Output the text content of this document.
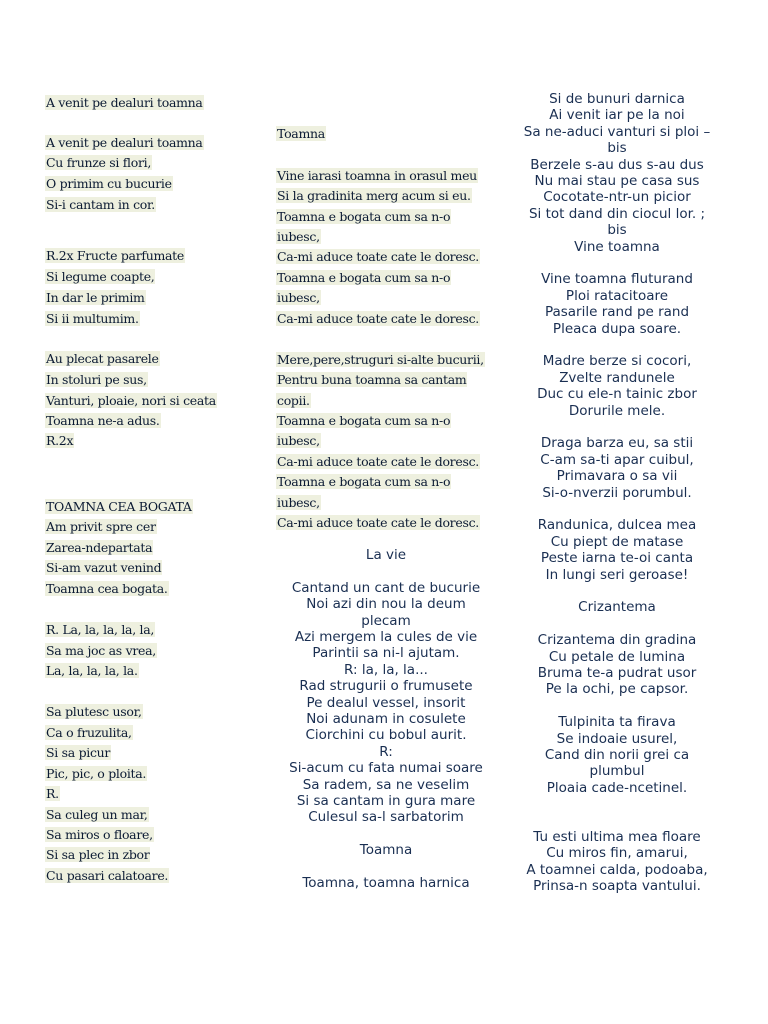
A venit pe dealuri toamna
A venit pe dealuri toamna
Cu frunze si flori,
O primim cu bucurie
Si-i cantam in cor.
R.2x Fructe parfumate
Si legume coapte,
In dar le primim
Si ii multumim.
Au plecat pasarele
In stoluri pe sus,
Vanturi, ploaie, nori si ceata
Toamna ne-a adus.
R.2x
TOAMNA CEA BOGATA
Am privit spre cer
Zarea-ndepartata
Si-am vazut venind
Toamna cea bogata.
R. La, la, la, la, la,
Sa ma joc as vrea,
La, la, la, la, la.
Sa plutesc usor,
Ca o fruzulita,
Si sa picur
Pic, pic, o ploita.
R.
Sa culeg un mar,
Sa miros o floare,
Si sa plec in zbor
Cu pasari calatoare.
Toamna
Vine iarasi toamna in orasul meu
Si la gradinita merg acum si eu.
Toamna e bogata cum sa n-o
iubesc,
Ca-mi aduce toate cate le doresc.
Toamna e bogata cum sa n-o
iubesc,
Ca-mi aduce toate cate le doresc.
Mere,pere,struguri si-alte bucurii,
Pentru buna toamna sa cantam
copii.
Toamna e bogata cum sa n-o
iubesc,
Ca-mi aduce toate cate le doresc.
Toamna e bogata cum sa n-o
iubesc,
Ca-mi aduce toate cate le doresc.
La vie
Cantand un cant de bucurie
Noi azi din nou la deum
plecam
Azi mergem la cules de vie
Parintii sa ni-l ajutam.
R: la, la, la...
Rad strugurii o frumusete
Pe dealul vessel, insorit
Noi adunam in cosulete
Ciorchini cu bobul aurit.
R:
Si-acum cu fata numai soare
Sa radem, sa ne veselim
Si sa cantam in gura mare
Culesul sa-l sarbatorim
Toamna
Toamna, toamna harnica
Si de bunuri darnica
Ai venit iar pe la noi
Sa ne-aduci vanturi si ploi –
bis
Berzele s-au dus s-au dus
Nu mai stau pe casa sus
Cocotate-ntr-un picior
Si tot dand din ciocul lor. ;
bis
Vine toamna
Vine toamna fluturand
Ploi ratacitoare
Pasarile rand pe rand
Pleaca dupa soare.
Madre berze si cocori,
Zvelte randunele
Duc cu ele-n tainic zbor
Dorurile mele.
Draga barza eu, sa stii
C-am sa-ti apar cuibul,
Primavara o sa vii
Si-o-nverzii porumbul.
Randunica, dulcea mea
Cu piept de matase
Peste iarna te-oi canta
In lungi seri geroase!
Crizantema
Crizantema din gradina
Cu petale de lumina
Bruma te-a pudrat usor
Pe la ochi, pe capsor.
Tulpinita ta firava
Se indoaie usurel,
Cand din norii grei ca
plumbul
Ploaia cade-ncetinel.
Tu esti ultima mea floare
Cu miros fin, amarui,
A toamnei calda, podoaba,
Prinsa-n soapta vantului.
